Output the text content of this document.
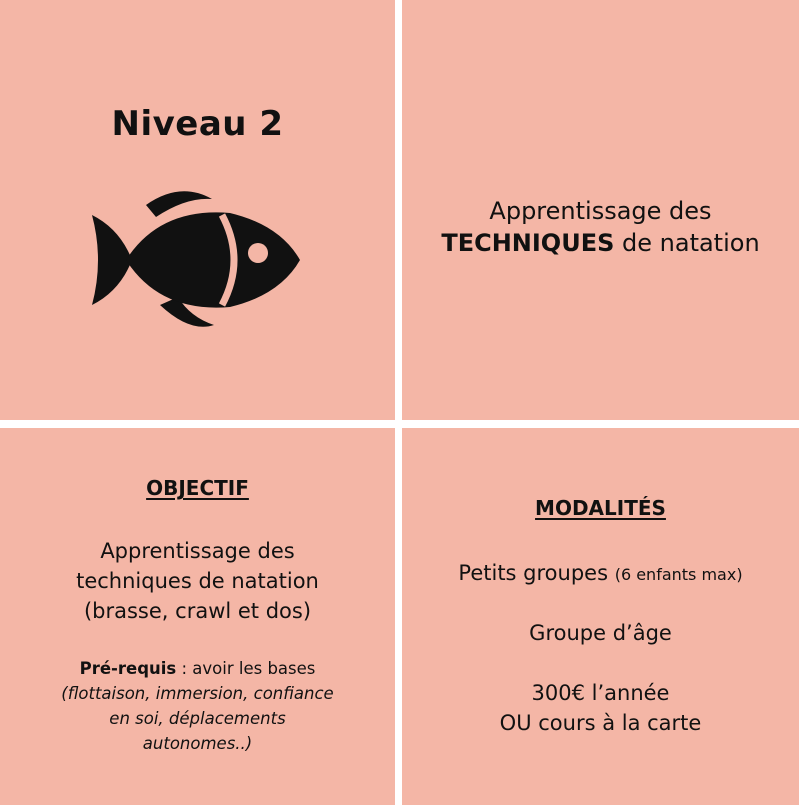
Niveau 2
Apprentissage des
TECHNIQUES de natation
OBJECTIF
Apprentissage des
techniques de natation
(brasse, crawl et dos)
Pré-requis : avoir les bases
(flottaison, immersion, confiance
en soi, déplacements
autonomes..)
MODALITÉS
Petits groupes (6 enfants max)
Groupe d’âge
300€ l’année
OU cours à la carte
